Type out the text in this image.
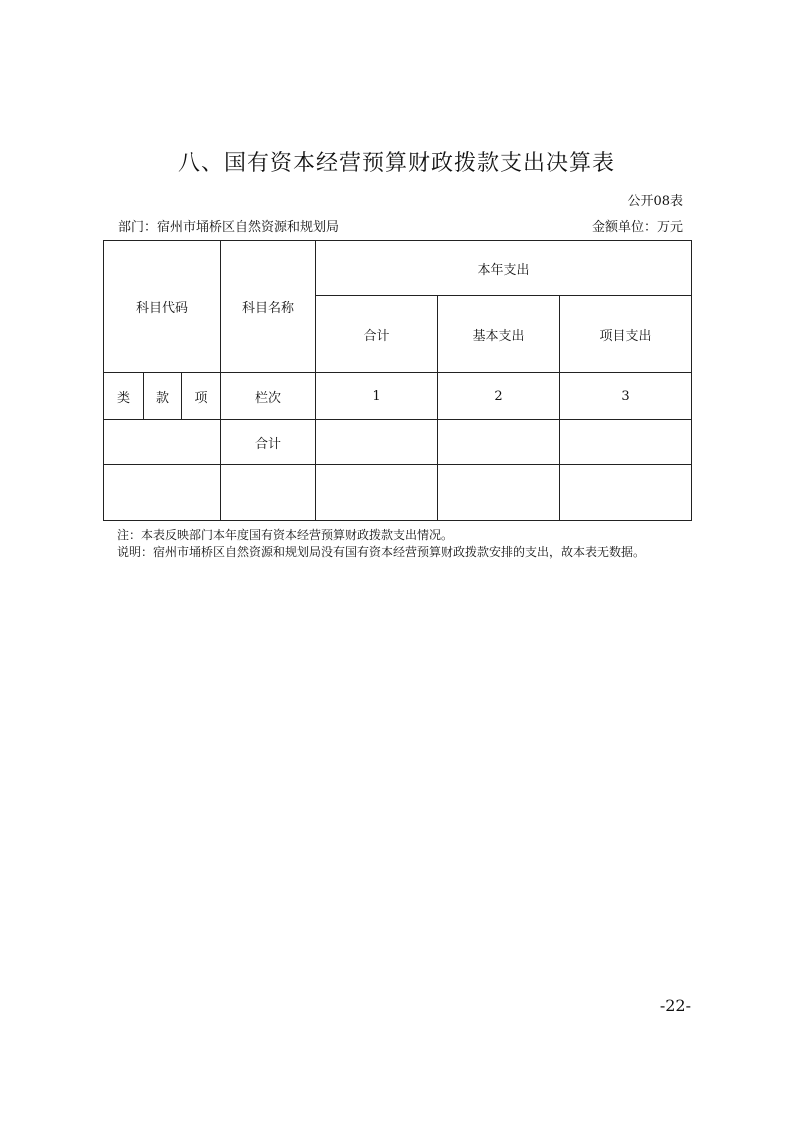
八、国有资本经营预算财政拨款支出决算表
公开08表
部门：宿州市埇桥区自然资源和规划局	金额单位：万元
科目代码			科目名称	本年支出		
				合计	基本支出	项目支出
类	款	项	栏次	1	2	3
			合计			

注：本表反映部门本年度国有资本经营预算财政拨款支出情况。
说明：宿州市埇桥区自然资源和规划局没有国有资本经营预算财政拨款安排的支出，故本表无数据。
-22-
